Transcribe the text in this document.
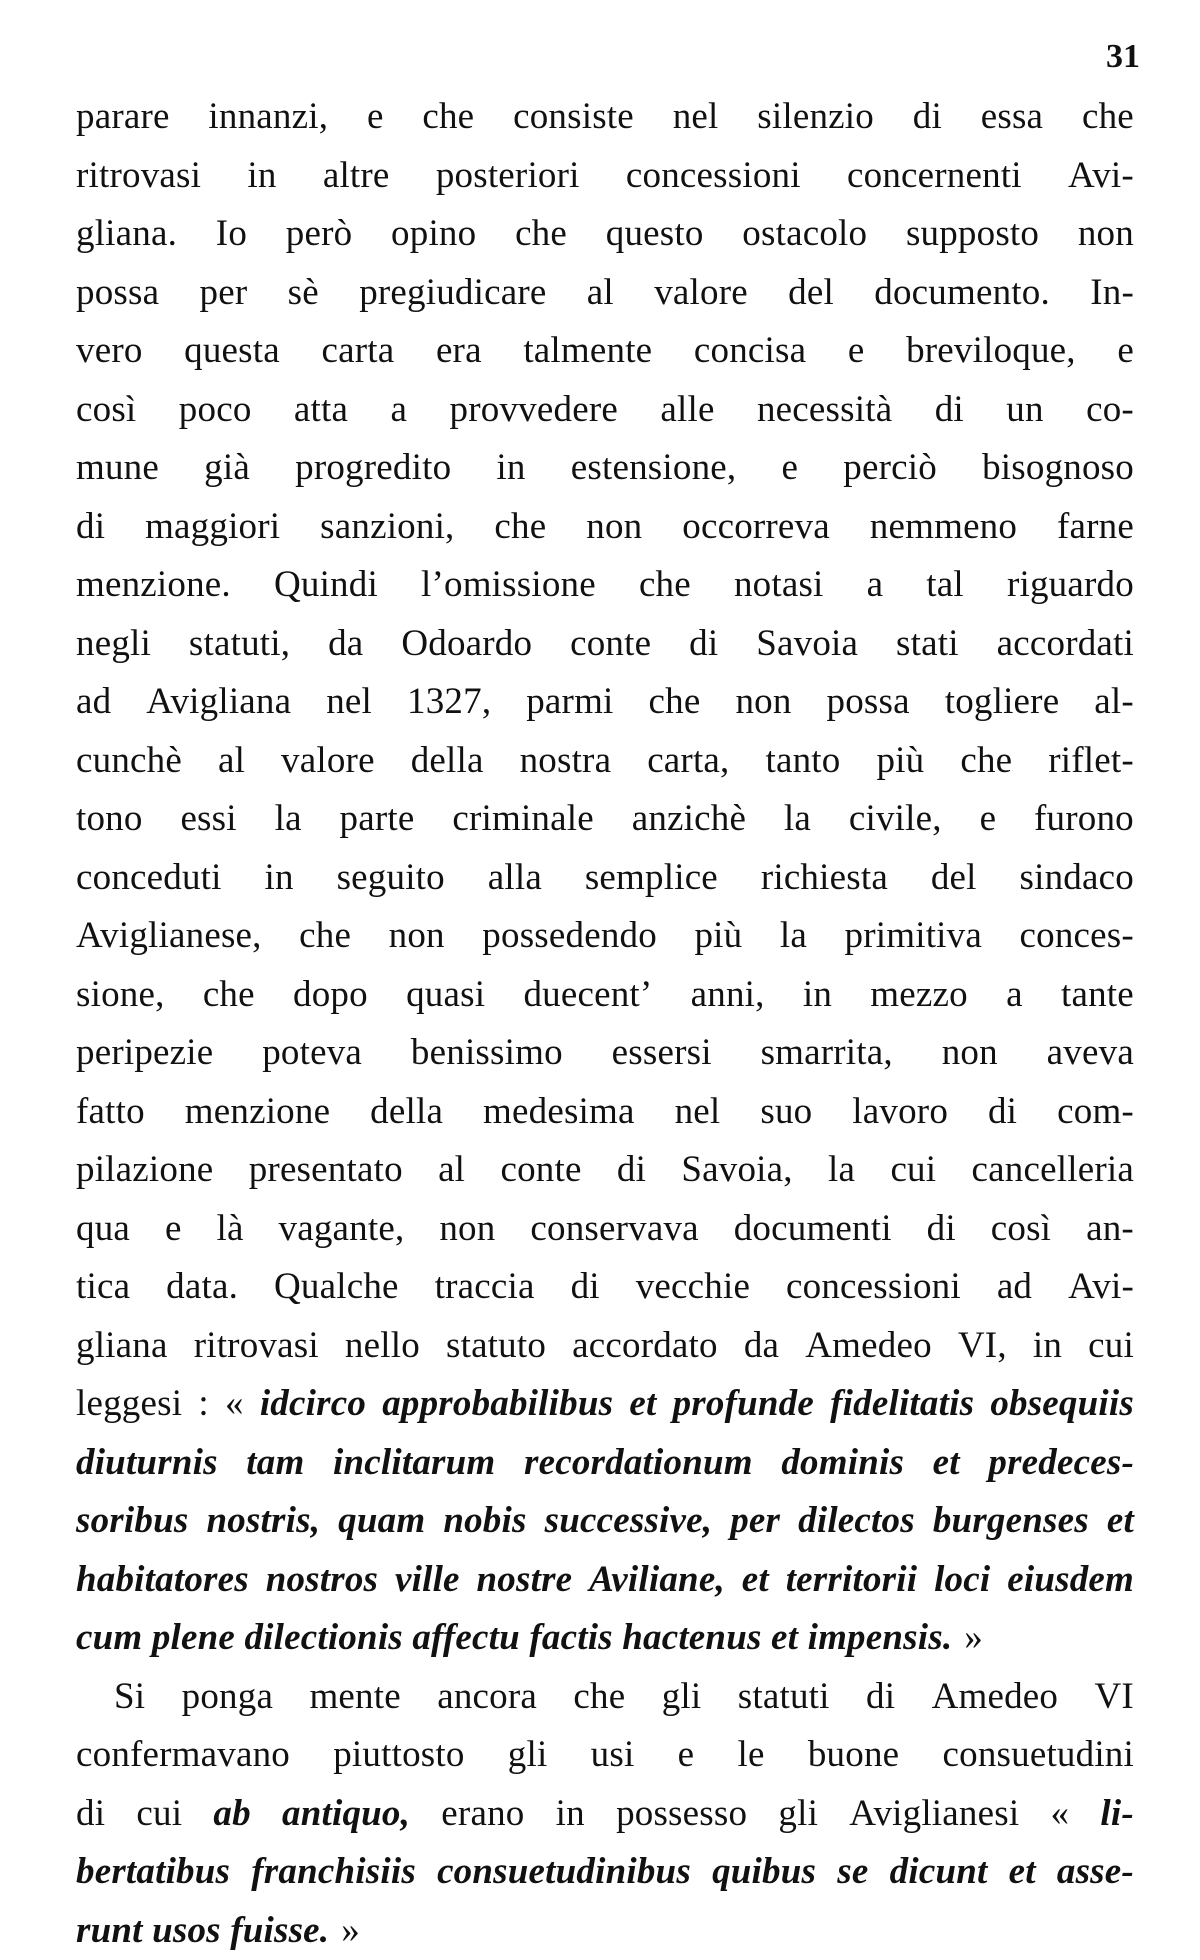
31
parare innanzi, e che consiste nel silenzio di essa che
ritrovasi in altre posteriori concessioni concernenti Avi-
gliana. Io però opino che questo ostacolo supposto non
possa per sè pregiudicare al valore del documento. In-
vero questa carta era talmente concisa e breviloque, e
così poco atta a provvedere alle necessità di un co-
mune già progredito in estensione, e perciò bisognoso
di maggiori sanzioni, che non occorreva nemmeno farne
menzione. Quindi l’omissione che notasi a tal riguardo
negli statuti, da Odoardo conte di Savoia stati accordati
ad Avigliana nel 1327, parmi che non possa togliere al-
cunchè al valore della nostra carta, tanto più che riflet-
tono essi la parte criminale anzichè la civile, e furono
conceduti in seguito alla semplice richiesta del sindaco
Aviglianese, che non possedendo più la primitiva conces-
sione, che dopo quasi duecent’ anni, in mezzo a tante
peripezie poteva benissimo essersi smarrita, non aveva
fatto menzione della medesima nel suo lavoro di com-
pilazione presentato al conte di Savoia, la cui cancelleria
qua e là vagante, non conservava documenti di così an-
tica data. Qualche traccia di vecchie concessioni ad Avi-
gliana ritrovasi nello statuto accordato da Amedeo VI, in cui
leggesi : « idcirco approbabilibus et profunde fidelitatis obsequiis
diuturnis tam inclitarum recordationum dominis et predeces-
soribus nostris, quam nobis successive, per dilectos burgenses et
habitatores nostros ville nostre Aviliane, et territorii loci eiusdem
cum plene dilectionis affectu factis hactenus et impensis. »
Si ponga mente ancora che gli statuti di Amedeo VI
confermavano piuttosto gli usi e le buone consuetudini
di cui ab antiquo, erano in possesso gli Aviglianesi « li-
bertatibus franchisiis consuetudinibus quibus se dicunt et asse-
runt usos fuisse. »
